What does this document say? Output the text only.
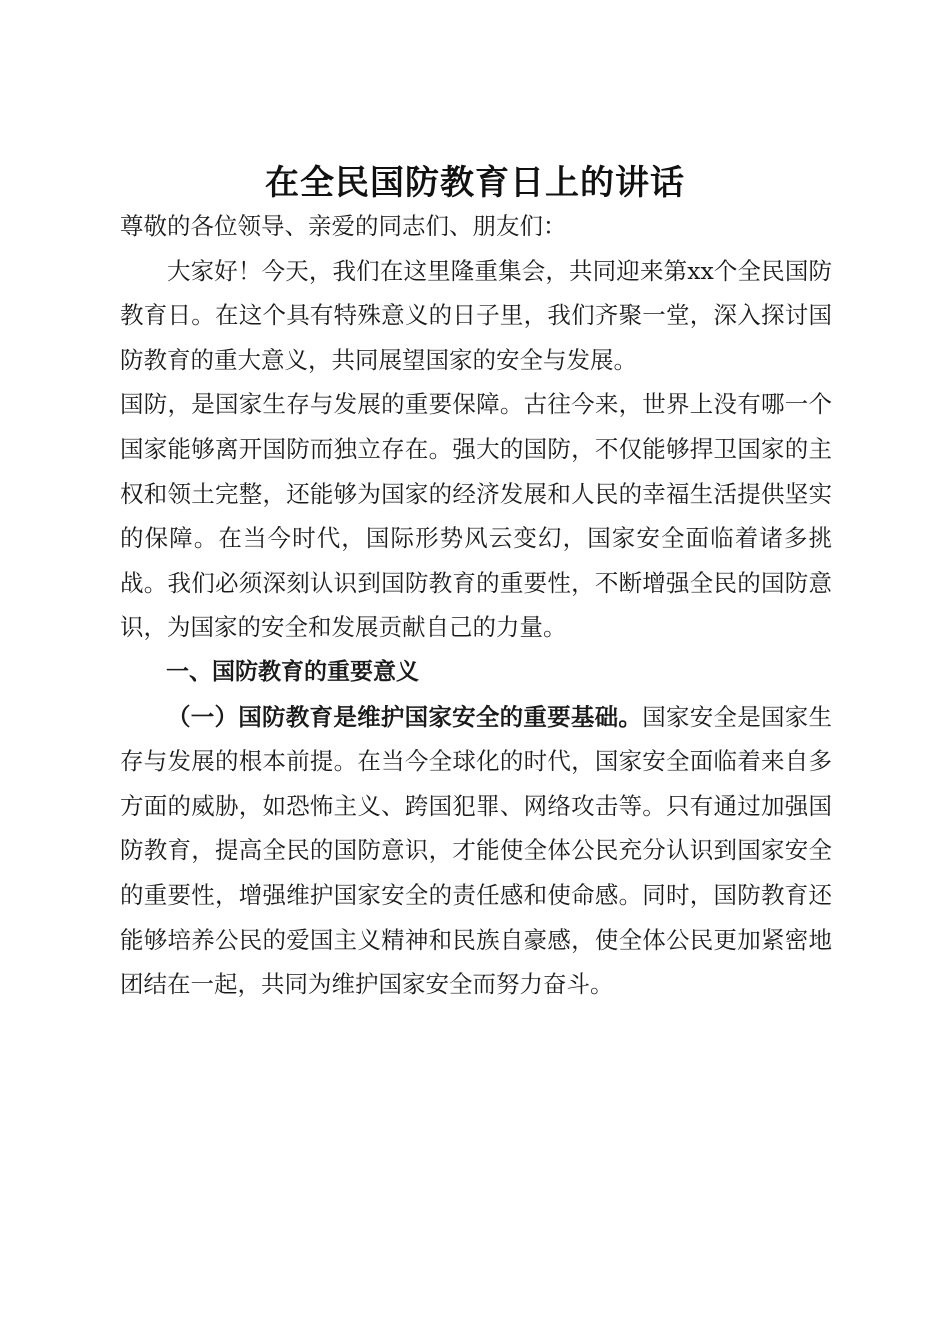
在全民国防教育日上的讲话

尊敬的各位领导、亲爱的同志们、朋友们：

大家好！今天，我们在这里隆重集会，共同迎来第xx个全民国防教育日。在这个具有特殊意义的日子里，我们齐聚一堂，深入探讨国防教育的重大意义，共同展望国家的安全与发展。

国防，是国家生存与发展的重要保障。古往今来，世界上没有哪一个国家能够离开国防而独立存在。强大的国防，不仅能够捍卫国家的主权和领土完整，还能够为国家的经济发展和人民的幸福生活提供坚实的保障。在当今时代，国际形势风云变幻，国家安全面临着诸多挑战。我们必须深刻认识到国防教育的重要性，不断增强全民的国防意识，为国家的安全和发展贡献自己的力量。

一、国防教育的重要意义

（一）国防教育是维护国家安全的重要基础。国家安全是国家生存与发展的根本前提。在当今全球化的时代，国家安全面临着来自多方面的威胁，如恐怖主义、跨国犯罪、网络攻击等。只有通过加强国防教育，提高全民的国防意识，才能使全体公民充分认识到国家安全的重要性，增强维护国家安全的责任感和使命感。同时，国防教育还能够培养公民的爱国主义精神和民族自豪感，使全体公民更加紧密地团结在一起，共同为维护国家安全而努力奋斗。
